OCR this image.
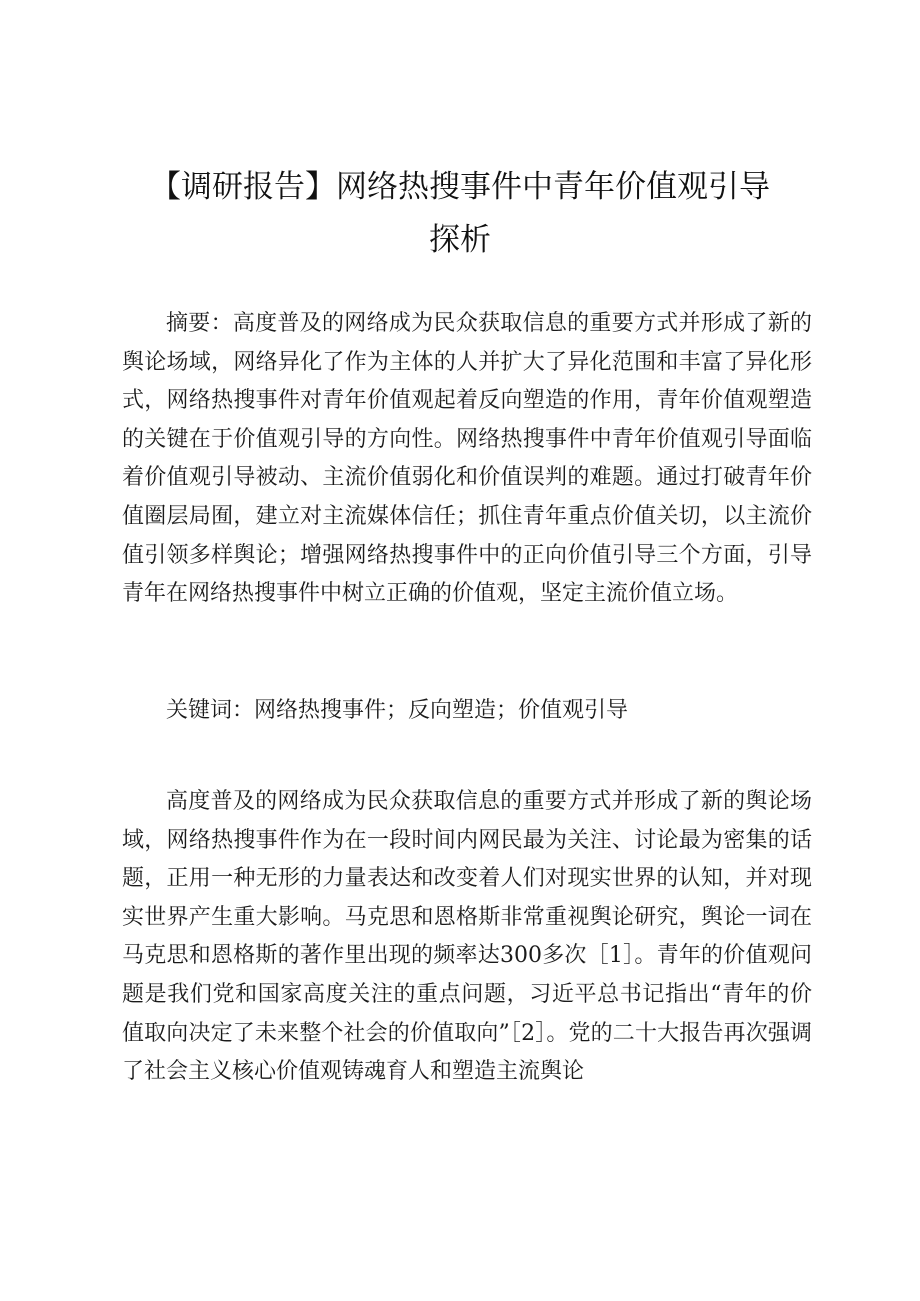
【调研报告】网络热搜事件中青年价值观引导
探析

摘要：高度普及的网络成为民众获取信息的重要方式并形成了新的舆论场域，网络异化了作为主体的人并扩大了异化范围和丰富了异化形式，网络热搜事件对青年价值观起着反向塑造的作用，青年价值观塑造的关键在于价值观引导的方向性。网络热搜事件中青年价值观引导面临着价值观引导被动、主流价值弱化和价值误判的难题。通过打破青年价值圈层局囿，建立对主流媒体信任；抓住青年重点价值关切，以主流价值引领多样舆论；增强网络热搜事件中的正向价值引导三个方面，引导青年在网络热搜事件中树立正确的价值观，坚定主流价值立场。

关键词：网络热搜事件；反向塑造；价值观引导

高度普及的网络成为民众获取信息的重要方式并形成了新的舆论场域，网络热搜事件作为在一段时间内网民最为关注、讨论最为密集的话题，正用一种无形的力量表达和改变着人们对现实世界的认知，并对现实世界产生重大影响。马克思和恩格斯非常重视舆论研究，舆论一词在马克思和恩格斯的著作里出现的频率达300多次［1］。青年的价值观问题是我们党和国家高度关注的重点问题，习近平总书记指出“青年的价值取向决定了未来整个社会的价值取向”［2］。党的二十大报告再次强调了社会主义核心价值观铸魂育人和塑造主流舆论
